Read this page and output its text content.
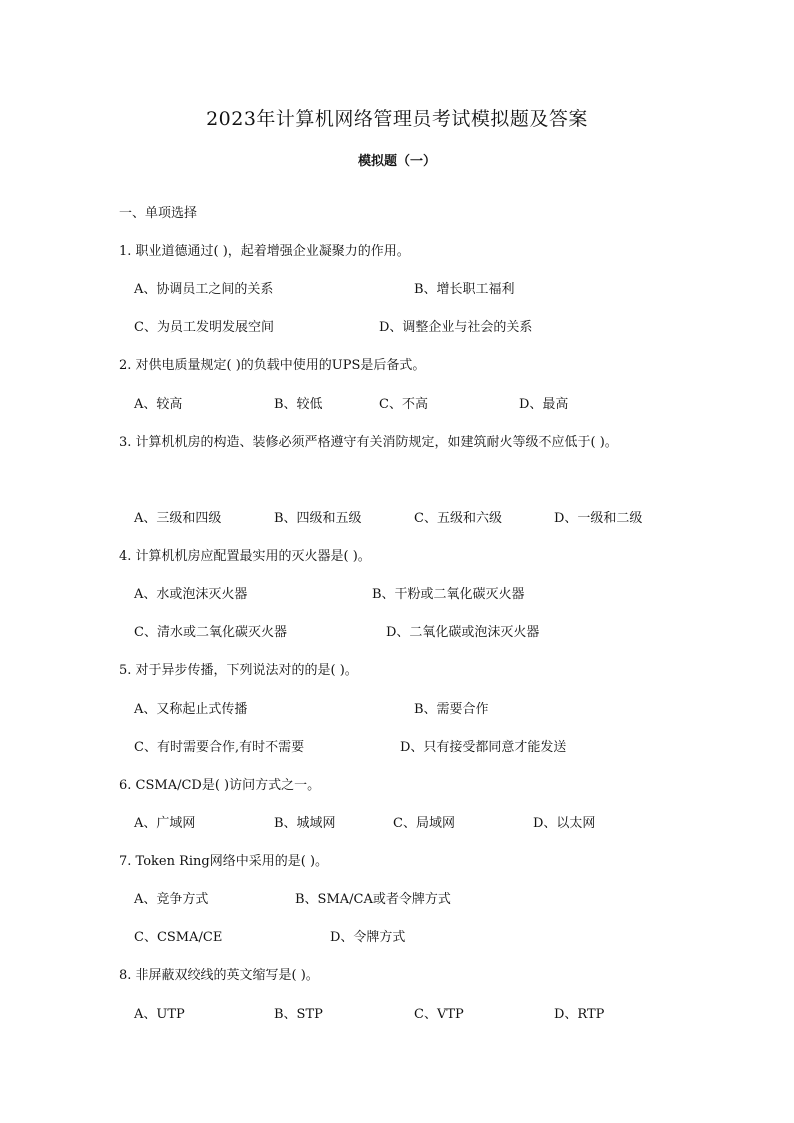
2023年计算机网络管理员考试模拟题及答案
模拟题（一）
一、单项选择
1. 职业道德通过( )，起着增强企业凝聚力的作用。
A、协调员工之间的关系	B、增长职工福利
C、为员工发明发展空间	D、调整企业与社会的关系
2. 对供电质量规定( )的负载中使用的UPS是后备式。
A、较高	B、较低	C、不高	D、最高
3. 计算机机房的构造、装修必须严格遵守有关消防规定，如建筑耐火等级不应低于( )。
A、三级和四级	B、四级和五级	C、五级和六级	D、一级和二级
4. 计算机机房应配置最实用的灭火器是( )。
A、水或泡沫灭火器	B、干粉或二氧化碳灭火器
C、清水或二氧化碳灭火器	D、二氧化碳或泡沫灭火器
5. 对于异步传播，下列说法对的的是( )。
A、又称起止式传播	B、需要合作
C、有时需要合作,有时不需要	D、只有接受都同意才能发送
6. CSMA/CD是( )访问方式之一。
A、广域网	B、城域网	C、局域网	D、以太网
7. Token Ring网络中采用的是( )。
A、竞争方式	B、SMA/CA或者令牌方式
C、CSMA/CE	D、令牌方式
8. 非屏蔽双绞线的英文缩写是( )。
A、UTP	B、STP	C、VTP	D、RTP
